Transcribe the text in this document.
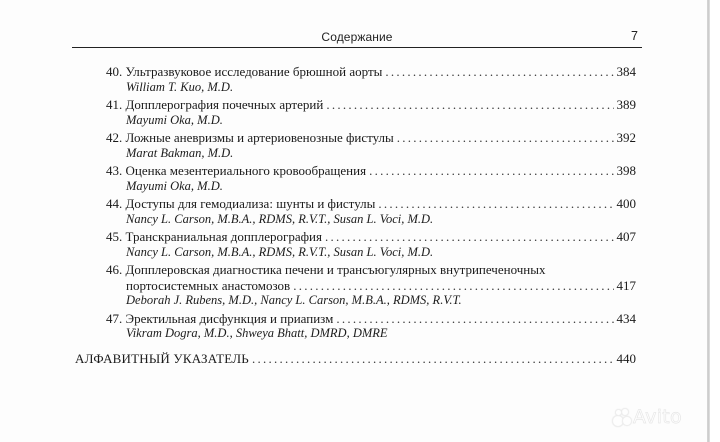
Содержание	7
40. Ультразвуковое исследование брюшной аорты . . .	384
William T. Kuo, M.D.
41. Допплерография почечных артерий . . .	389
Mayumi Oka, M.D.
42. Ложные аневризмы и артериовенозные фистулы . . .	392
Marat Bakman, M.D.
43. Оценка мезентериального кровообращения . . .	398
Mayumi Oka, M.D.
44. Доступы для гемодиализа: шунты и фистулы . . .	400
Nancy L. Carson, M.B.A., RDMS, R.V.T., Susan L. Voci, M.D.
45. Транскраниальная допплерография . . .	407
Nancy L. Carson, M.B.A., RDMS, R.V.T., Susan L. Voci, M.D.
46. Допплеровская диагностика печени и трансъюгулярных внутрипеченочных
портосистемных анастомозов . . .	417
Deborah J. Rubens, M.D., Nancy L. Carson, M.B.A., RDMS, R.V.T.
47. Эректильная дисфункция и приапизм . . .	434
Vikram Dogra, M.D., Shweya Bhatt, DMRD, DMRE
АЛФАВИТНЫЙ УКАЗАТЕЛЬ . . .	440
Avito
